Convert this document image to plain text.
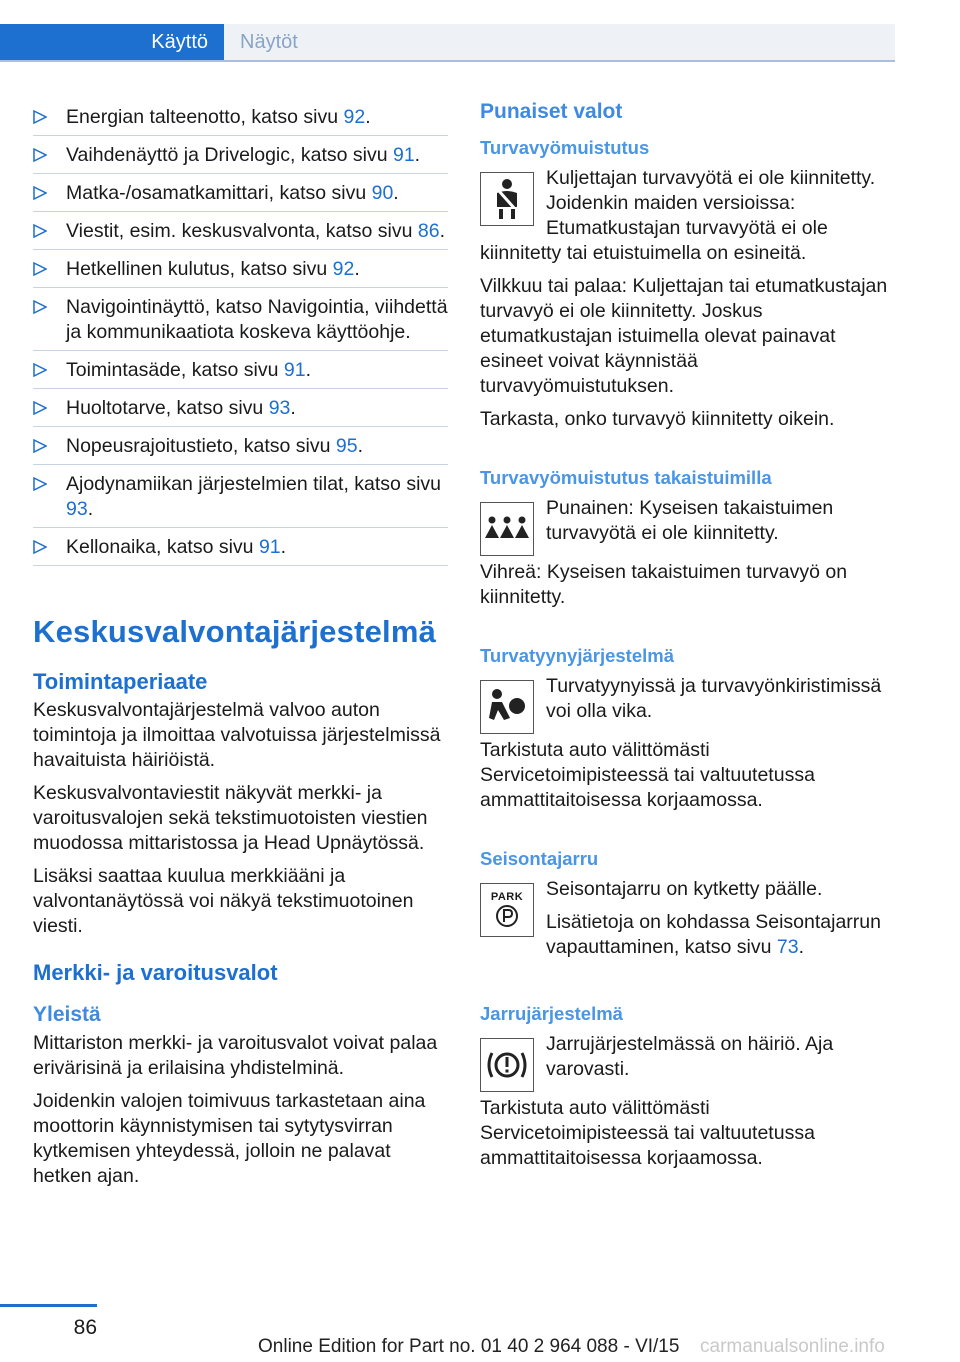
Käyttö	Näytöt
Energian talteenotto, katso sivu 92.
Vaihdenäyttö ja Drivelogic, katso sivu 91.
Matka-/osamatkamittari, katso sivu 90.
Viestit, esim. keskusvalvonta, katso sivu 86.
Hetkellinen kulutus, katso sivu 92.
Navigointinäyttö, katso Navigointia, viihdettä ja kommunikaatiota koskeva käyttöohje.
Toimintasäde, katso sivu 91.
Huoltotarve, katso sivu 93.
Nopeusrajoitustieto, katso sivu 95.
Ajodynamiikan järjestelmien tilat, katso sivu 93.
Kellonaika, katso sivu 91.
Keskusvalvontajärjestelmä
Toimintaperiaate

Keskusvalvontajärjestelmä valvoo auton toimintoja ja ilmoittaa valvotuissa järjestelmissä havaituista häiriöistä.

Keskusvalvontaviestit näkyvät merkki- ja varoitusvalojen sekä tekstimuotoisten viestien muodossa mittaristossa ja Head Upnäytössä.

Lisäksi saattaa kuulua merkkiääni ja valvontanäytössä voi näkyä tekstimuotoinen viesti.

Merkki- ja varoitusvalot
Yleistä

Mittariston merkki- ja varoitusvalot voivat palaa erivärisinä ja erilaisina yhdistelminä.

Joidenkin valojen toimivuus tarkastetaan aina moottorin käynnistymisen tai sytytysvirran kytkemisen yhteydessä, jolloin ne palavat hetken ajan.

Punaiset valot
Turvavyömuistutus

Kuljettajan turvavyötä ei ole kiinnitetty. Joidenkin maiden versioissa: Etumatkustajan turvavyötä ei ole kiinnitetty tai etuistuimella on esineitä.

Vilkkuu tai palaa: Kuljettajan tai etumatkustajan turvavyö ei ole kiinnitetty. Joskus etumatkustajan istuimella olevat painavat esineet voivat käynnistää turvavyömuistutuksen.

Tarkasta, onko turvavyö kiinnitetty oikein.

Turvavyömuistutus takaistuimilla

Punainen: Kyseisen takaistuimen turvavyötä ei ole kiinnitetty.

Vihreä: Kyseisen takaistuimen turvavyö on kiinnitetty.

Turvatyynyjärjestelmä

Turvatyynyissä ja turvavyönkiristimissä voi olla vika.

Tarkistuta auto välittömästi Servicetoimipisteessä tai valtuutetussa ammattitaitoisessa korjaamossa.

Seisontajarru
PARK	Seisontajarru on kytketty päälle.

Lisätietoja on kohdassa Seisontajarrun vapauttaminen, katso sivu 73.

Jarrujärjestelmä

Jarrujärjestelmässä on häiriö. Aja varovasti.

Tarkistuta auto välittömästi Servicetoimipisteessä tai valtuutetussa ammattitaitoisessa korjaamossa.

86
Online Edition for Part no. 01 40 2 964 088 - VI/15 carmanualsonline.info
